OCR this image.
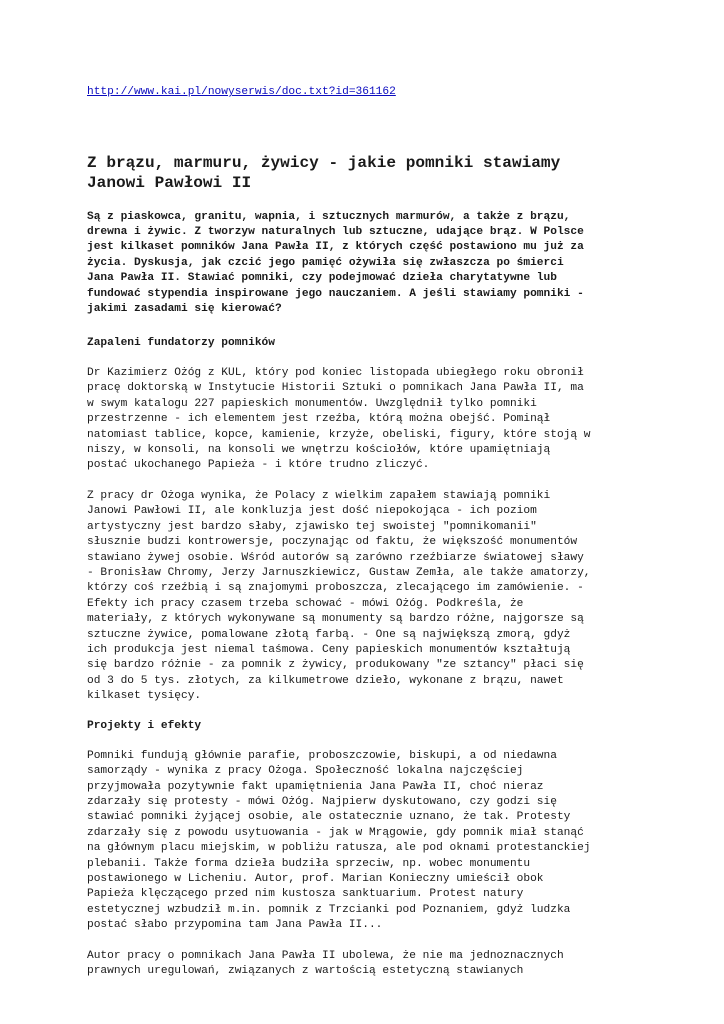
http://www.kai.pl/nowyserwis/doc.txt?id=361162
Z brązu, marmuru, żywicy - jakie pomniki stawiamy
Janowi Pawłowi II
Są z piaskowca, granitu, wapnia, i sztucznych marmurów, a także z brązu,
drewna i żywic. Z tworzyw naturalnych lub sztuczne, udające brąz. W Polsce
jest kilkaset pomników Jana Pawła II, z których część postawiono mu już za
życia. Dyskusja, jak czcić jego pamięć ożywiła się zwłaszcza po śmierci
Jana Pawła II. Stawiać pomniki, czy podejmować dzieła charytatywne lub
fundować stypendia inspirowane jego nauczaniem. A jeśli stawiamy pomniki -
jakimi zasadami się kierować?
Zapaleni fundatorzy pomników
Dr Kazimierz Ożóg z KUL, który pod koniec listopada ubiegłego roku obronił
pracę doktorską w Instytucie Historii Sztuki o pomnikach Jana Pawła II, ma
w swym katalogu 227 papieskich monumentów. Uwzględnił tylko pomniki
przestrzenne - ich elementem jest rzeźba, którą można obejść. Pominął
natomiast tablice, kopce, kamienie, krzyże, obeliski, figury, które stoją w
niszy, w konsoli, na konsoli we wnętrzu kościołów, które upamiętniają
postać ukochanego Papieża - i które trudno zliczyć.
Z pracy dr Ożoga wynika, że Polacy z wielkim zapałem stawiają pomniki
Janowi Pawłowi II, ale konkluzja jest dość niepokojąca - ich poziom
artystyczny jest bardzo słaby, zjawisko tej swoistej "pomnikomanii"
słusznie budzi kontrowersje, poczynając od faktu, że większość monumentów
stawiano żywej osobie. Wśród autorów są zarówno rzeźbiarze światowej sławy
- Bronisław Chromy, Jerzy Jarnuszkiewicz, Gustaw Zemła, ale także amatorzy,
którzy coś rzeźbią i są znajomymi proboszcza, zlecającego im zamówienie. -
Efekty ich pracy czasem trzeba schować - mówi Ożóg. Podkreśla, że
materiały, z których wykonywane są monumenty są bardzo różne, najgorsze są
sztuczne żywice, pomalowane złotą farbą. - One są największą zmorą, gdyż
ich produkcja jest niemal taśmowa. Ceny papieskich monumentów kształtują
się bardzo różnie - za pomnik z żywicy, produkowany "ze sztancy" płaci się
od 3 do 5 tys. złotych, za kilkumetrowe dzieło, wykonane z brązu, nawet
kilkaset tysięcy.
Projekty i efekty
Pomniki fundują głównie parafie, proboszczowie, biskupi, a od niedawna
samorządy - wynika z pracy Ożoga. Społeczność lokalna najczęściej
przyjmowała pozytywnie fakt upamiętnienia Jana Pawła II, choć nieraz
zdarzały się protesty - mówi Ożóg. Najpierw dyskutowano, czy godzi się
stawiać pomniki żyjącej osobie, ale ostatecznie uznano, że tak. Protesty
zdarzały się z powodu usytuowania - jak w Mrągowie, gdy pomnik miał stanąć
na głównym placu miejskim, w pobliżu ratusza, ale pod oknami protestanckiej
plebanii. Także forma dzieła budziła sprzeciw, np. wobec monumentu
postawionego w Licheniu. Autor, prof. Marian Konieczny umieścił obok
Papieża klęczącego przed nim kustosza sanktuarium. Protest natury
estetycznej wzbudził m.in. pomnik z Trzcianki pod Poznaniem, gdyż ludzka
postać słabo przypomina tam Jana Pawła II...
Autor pracy o pomnikach Jana Pawła II ubolewa, że nie ma jednoznacznych
prawnych uregulowań, związanych z wartością estetyczną stawianych
